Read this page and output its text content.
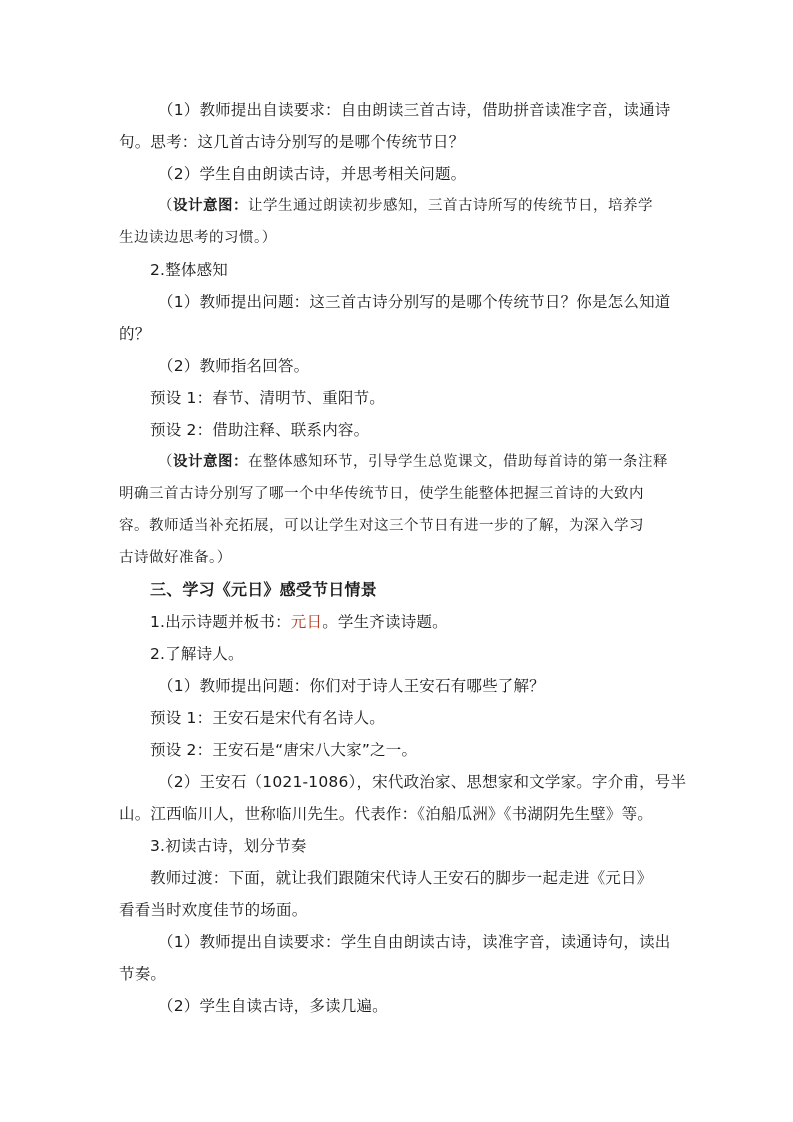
（1）教师提出自读要求：自由朗读三首古诗，借助拼音读准字音，读通诗
句。思考：这几首古诗分别写的是哪个传统节日？
（2）学生自由朗读古诗，并思考相关问题。
（设计意图：让学生通过朗读初步感知，三首古诗所写的传统节日，培养学
生边读边思考的习惯。）
2.整体感知
（1）教师提出问题：这三首古诗分别写的是哪个传统节日？你是怎么知道
的？
（2）教师指名回答。
预设 1：春节、清明节、重阳节。
预设 2：借助注释、联系内容。
（设计意图：在整体感知环节，引导学生总览课文，借助每首诗的第一条注释
明确三首古诗分别写了哪一个中华传统节日，使学生能整体把握三首诗的大致内
容。教师适当补充拓展，可以让学生对这三个节日有进一步的了解，为深入学习
古诗做好准备。）
三、学习《元日》感受节日情景
1.出示诗题并板书：元日。学生齐读诗题。
2.了解诗人。
（1）教师提出问题：你们对于诗人王安石有哪些了解？
预设 1：王安石是宋代有名诗人。
预设 2：王安石是“唐宋八大家”之一。
（2）王安石（1021-1086），宋代政治家、思想家和文学家。字介甫，号半
山。江西临川人，世称临川先生。代表作：《泊船瓜洲》《书湖阴先生壁》等。
3.初读古诗，划分节奏
教师过渡：下面，就让我们跟随宋代诗人王安石的脚步一起走进《元日》
看看当时欢度佳节的场面。
（1）教师提出自读要求：学生自由朗读古诗，读准字音，读通诗句，读出
节奏。
（2）学生自读古诗，多读几遍。
